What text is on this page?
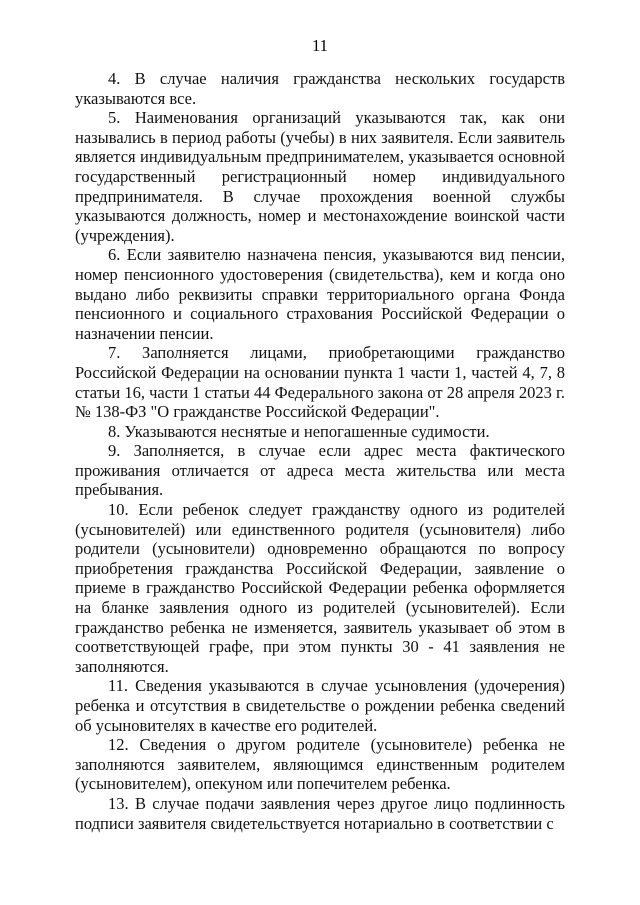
11

4. В случае наличия гражданства нескольких государств указываются все.

5. Наименования организаций указываются так, как они назывались в период работы (учебы) в них заявителя. Если заявитель является индивидуальным предпринимателем, указывается основной государственный регистрационный номер индивидуального предпринимателя. В случае прохождения военной службы указываются должность, номер и местонахождение воинской части (учреждения).

6. Если заявителю назначена пенсия, указываются вид пенсии, номер пенсионного удостоверения (свидетельства), кем и когда оно выдано либо реквизиты справки территориального органа Фонда пенсионного и социального страхования Российской Федерации о назначении пенсии.

7. Заполняется лицами, приобретающими гражданство Российской Федерации на основании пункта 1 части 1, частей 4, 7, 8 статьи 16, части 1 статьи 44 Федерального закона от 28 апреля 2023 г. № 138-ФЗ "О гражданстве Российской Федерации".

8. Указываются неснятые и непогашенные судимости.

9. Заполняется, в случае если адрес места фактического проживания отличается от адреса места жительства или места пребывания.

10. Если ребенок следует гражданству одного из родителей (усыновителей) или единственного родителя (усыновителя) либо родители (усыновители) одновременно обращаются по вопросу приобретения гражданства Российской Федерации, заявление о приеме в гражданство Российской Федерации ребенка оформляется на бланке заявления одного из родителей (усыновителей). Если гражданство ребенка не изменяется, заявитель указывает об этом в соответствующей графе, при этом пункты 30 - 41 заявления не заполняются.

11. Сведения указываются в случае усыновления (удочерения) ребенка и отсутствия в свидетельстве о рождении ребенка сведений об усыновителях в качестве его родителей.

12. Сведения о другом родителе (усыновителе) ребенка не заполняются заявителем, являющимся единственным родителем (усыновителем), опекуном или попечителем ребенка.

13. В случае подачи заявления через другое лицо подлинность подписи заявителя свидетельствуется нотариально в соответствии с
